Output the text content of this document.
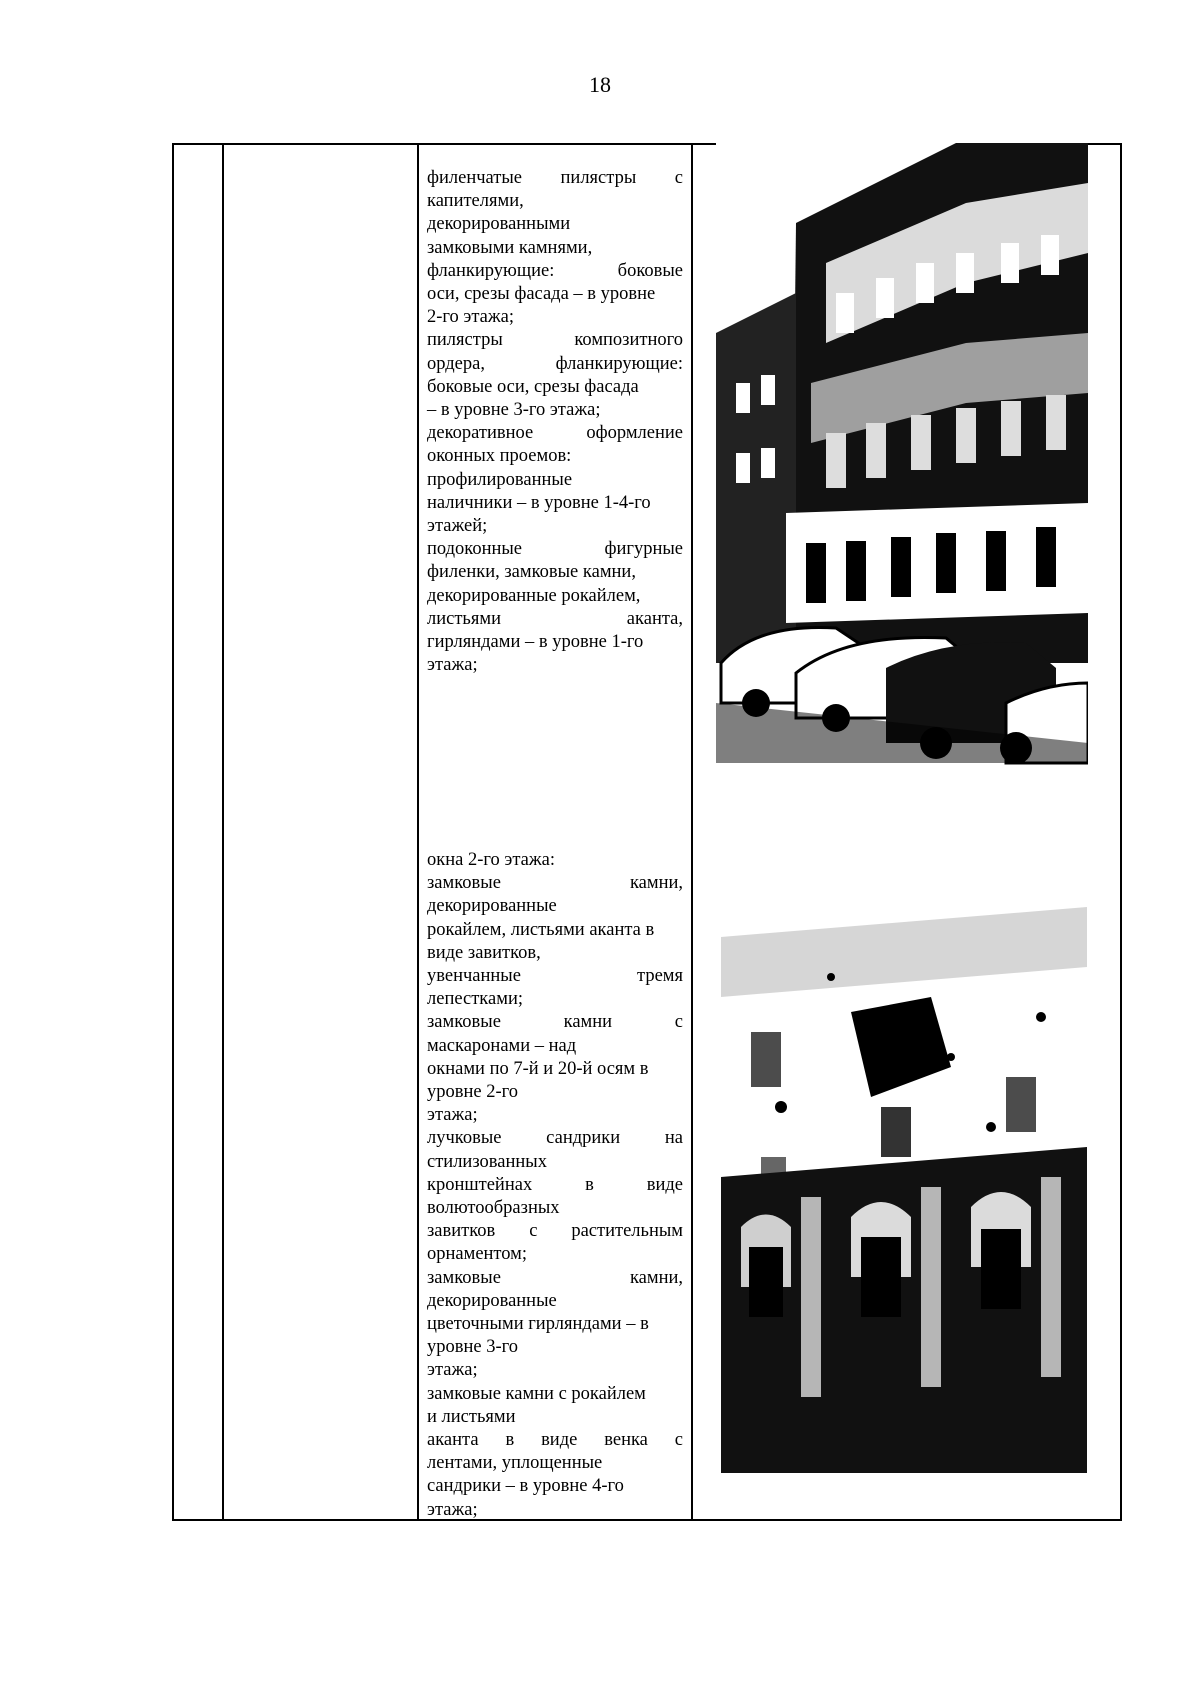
18
филенчатые пилястры с
капителями,
декорированными
замковыми камнями,
фланкирующие: боковые
оси, срезы фасада – в уровне
2-го этажа;
пилястры композитного
ордера, фланкирующие:
боковые оси, срезы фасада
– в уровне 3-го этажа;
декоративное оформление
оконных проемов:
профилированные
наличники – в уровне 1-4-го
этажей;
подоконные фигурные
филенки, замковые камни,
декорированные рокайлем,
листьями аканта,
гирляндами – в уровне 1-го
этажа;
окна 2-го этажа:
замковые камни,
декорированные
рокайлем, листьями аканта в
виде завитков,
увенчанные тремя
лепестками;
замковые камни с
маскаронами – над
окнами по 7-й и 20-й осям в
уровне 2-го
этажа;
лучковые сандрики на
стилизованных
кронштейнах в виде
волютообразных
завитков с растительным
орнаментом;
замковые камни,
декорированные
цветочными гирляндами – в
уровне 3-го
этажа;
замковые камни с рокайлем
и листьями
аканта в виде венка с
лентами, уплощенные
сандрики – в уровне 4-го
этажа;
